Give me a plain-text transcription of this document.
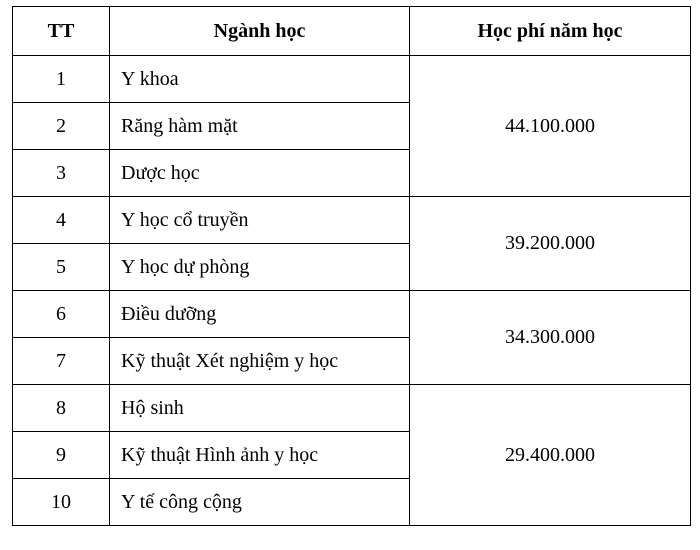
TT	Ngành học	Học phí năm học
1	Y khoa	44.100.000
2	Răng hàm mặt	
3	Dược học	
4	Y học cổ truyền	39.200.000
5	Y học dự phòng	
6	Điều dưỡng	34.300.000
7	Kỹ thuật Xét nghiệm y học	
8	Hộ sinh	29.400.000
9	Kỹ thuật Hình ảnh y học	
10	Y tế công cộng	
